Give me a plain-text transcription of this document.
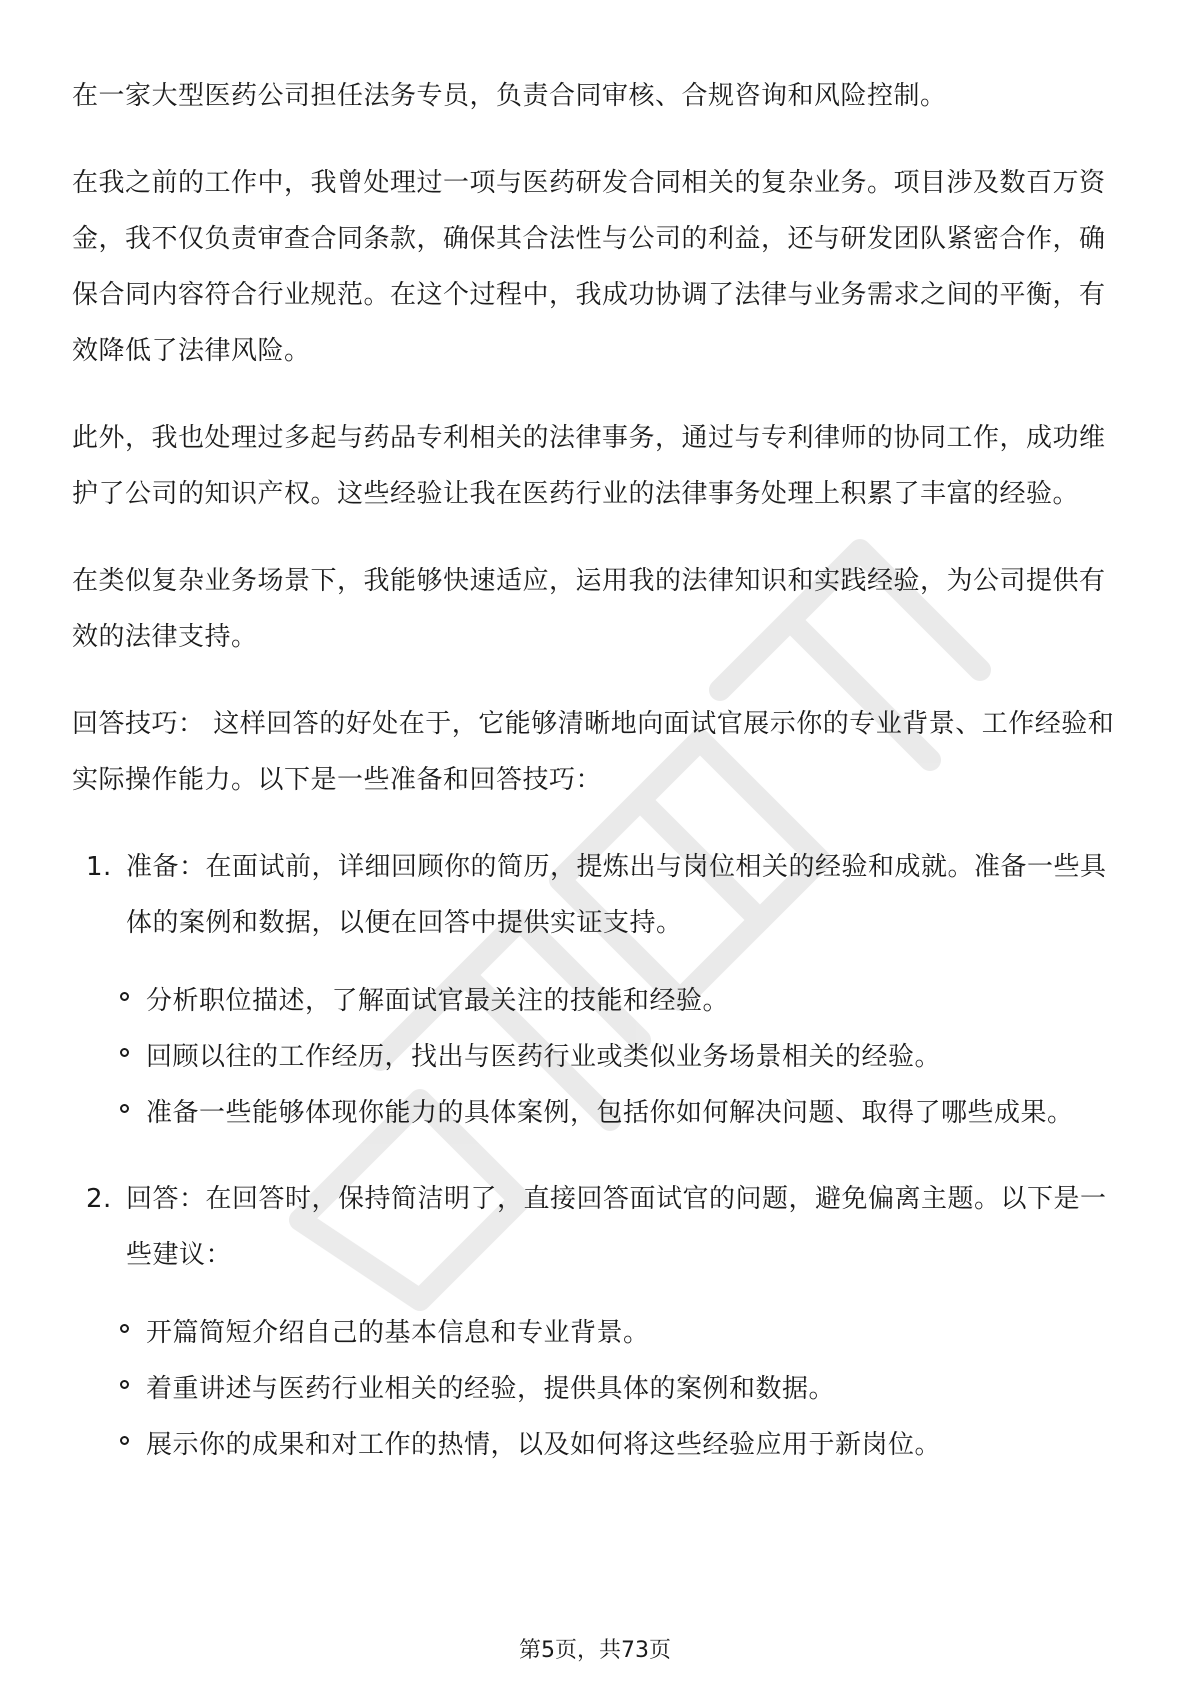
在一家大型医药公司担任法务专员，负责合同审核、合规咨询和风险控制。

在我之前的工作中，我曾处理过一项与医药研发合同相关的复杂业务。项目涉及数百万资金，我不仅负责审查合同条款，确保其合法性与公司的利益，还与研发团队紧密合作，确保合同内容符合行业规范。在这个过程中，我成功协调了法律与业务需求之间的平衡，有效降低了法律风险。

此外，我也处理过多起与药品专利相关的法律事务，通过与专利律师的协同工作，成功维护了公司的知识产权。这些经验让我在医药行业的法律事务处理上积累了丰富的经验。

在类似复杂业务场景下，我能够快速适应，运用我的法律知识和实践经验，为公司提供有效的法律支持。

回答技巧： 这样回答的好处在于，它能够清晰地向面试官展示你的专业背景、工作经验和实际操作能力。以下是一些准备和回答技巧：

1. 准备：在面试前，详细回顾你的简历，提炼出与岗位相关的经验和成就。准备一些具体的案例和数据，以便在回答中提供实证支持。

分析职位描述，了解面试官最关注的技能和经验。
回顾以往的工作经历，找出与医药行业或类似业务场景相关的经验。
准备一些能够体现你能力的具体案例，包括你如何解决问题、取得了哪些成果。
2. 回答：在回答时，保持简洁明了，直接回答面试官的问题，避免偏离主题。以下是一些建议：

开篇简短介绍自己的基本信息和专业背景。
着重讲述与医药行业相关的经验，提供具体的案例和数据。
展示你的成果和对工作的热情，以及如何将这些经验应用于新岗位。
第5页，共73页
